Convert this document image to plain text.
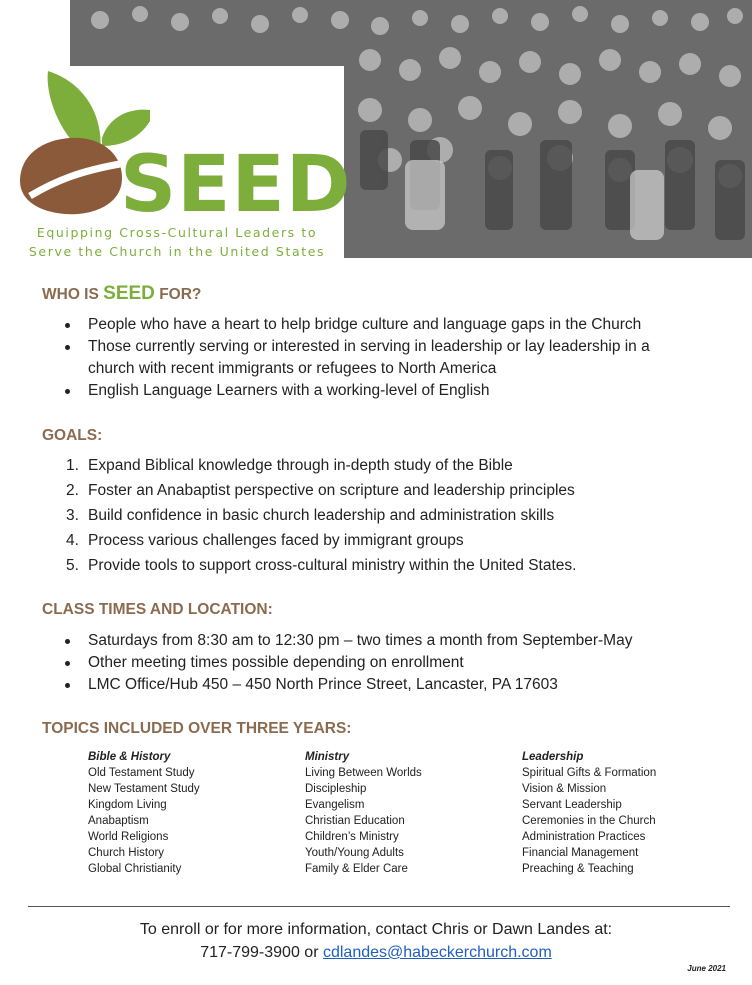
SEED
Equipping Cross-Cultural Leaders to
Serve the Church in the United States
WHO IS SEED FOR?
People who have a heart to help bridge culture and language gaps in the Church
Those currently serving or interested in serving in leadership or lay leadership in a
church with recent immigrants or refugees to North America
English Language Learners with a working-level of English
GOALS:
1. Expand Biblical knowledge through in-depth study of the Bible
2. Foster an Anabaptist perspective on scripture and leadership principles
3. Build confidence in basic church leadership and administration skills
4. Process various challenges faced by immigrant groups
5. Provide tools to support cross-cultural ministry within the United States.
CLASS TIMES AND LOCATION:
Saturdays from 8:30 am to 12:30 pm – two times a month from September-May
Other meeting times possible depending on enrollment
LMC Office/Hub 450 – 450 North Prince Street, Lancaster, PA 17603
TOPICS INCLUDED OVER THREE YEARS:
Bible & History
Old Testament Study
New Testament Study
Kingdom Living
Anabaptism
World Religions
Church History
Global Christianity
Ministry
Living Between Worlds
Discipleship
Evangelism
Christian Education
Children’s Ministry
Youth/Young Adults
Family & Elder Care
Leadership
Spiritual Gifts & Formation
Vision & Mission
Servant Leadership
Ceremonies in the Church
Administration Practices
Financial Management
Preaching & Teaching
To enroll or for more information, contact Chris or Dawn Landes at:
717-799-3900 or cdlandes@habeckerchurch.com
June 2021
